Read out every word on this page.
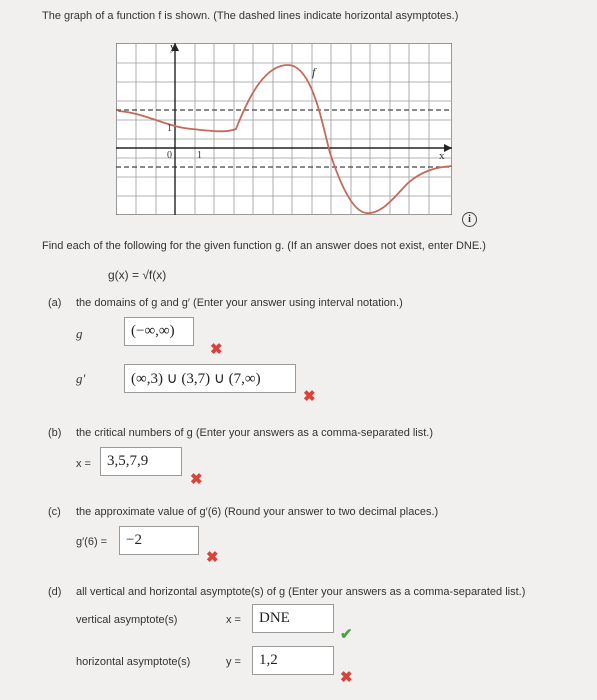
The graph of a function f is shown. (The dashed lines indicate horizontal asymptotes.)
y
x
f
1
0	1
i
Find each of the following for the given function g. (If an answer does not exist, enter DNE.)
g(x) = √f(x)
(a) the domains of g and g′ (Enter your answer using interval notation.)
g	(−∞,∞)
✖
g′	(∞,3) ∪ (3,7) ∪ (7,∞)
✖
(b) the critical numbers of g (Enter your answers as a comma-separated list.)
x =	3,5,7,9
✖
(c) the approximate value of g′(6) (Round your answer to two decimal places.)
g′(6) =	−2
✖
(d) all vertical and horizontal asymptote(s) of g (Enter your answers as a comma-separated list.)
vertical asymptote(s)	x =	DNE
✔
horizontal asymptote(s)	y =	1,2
✖
